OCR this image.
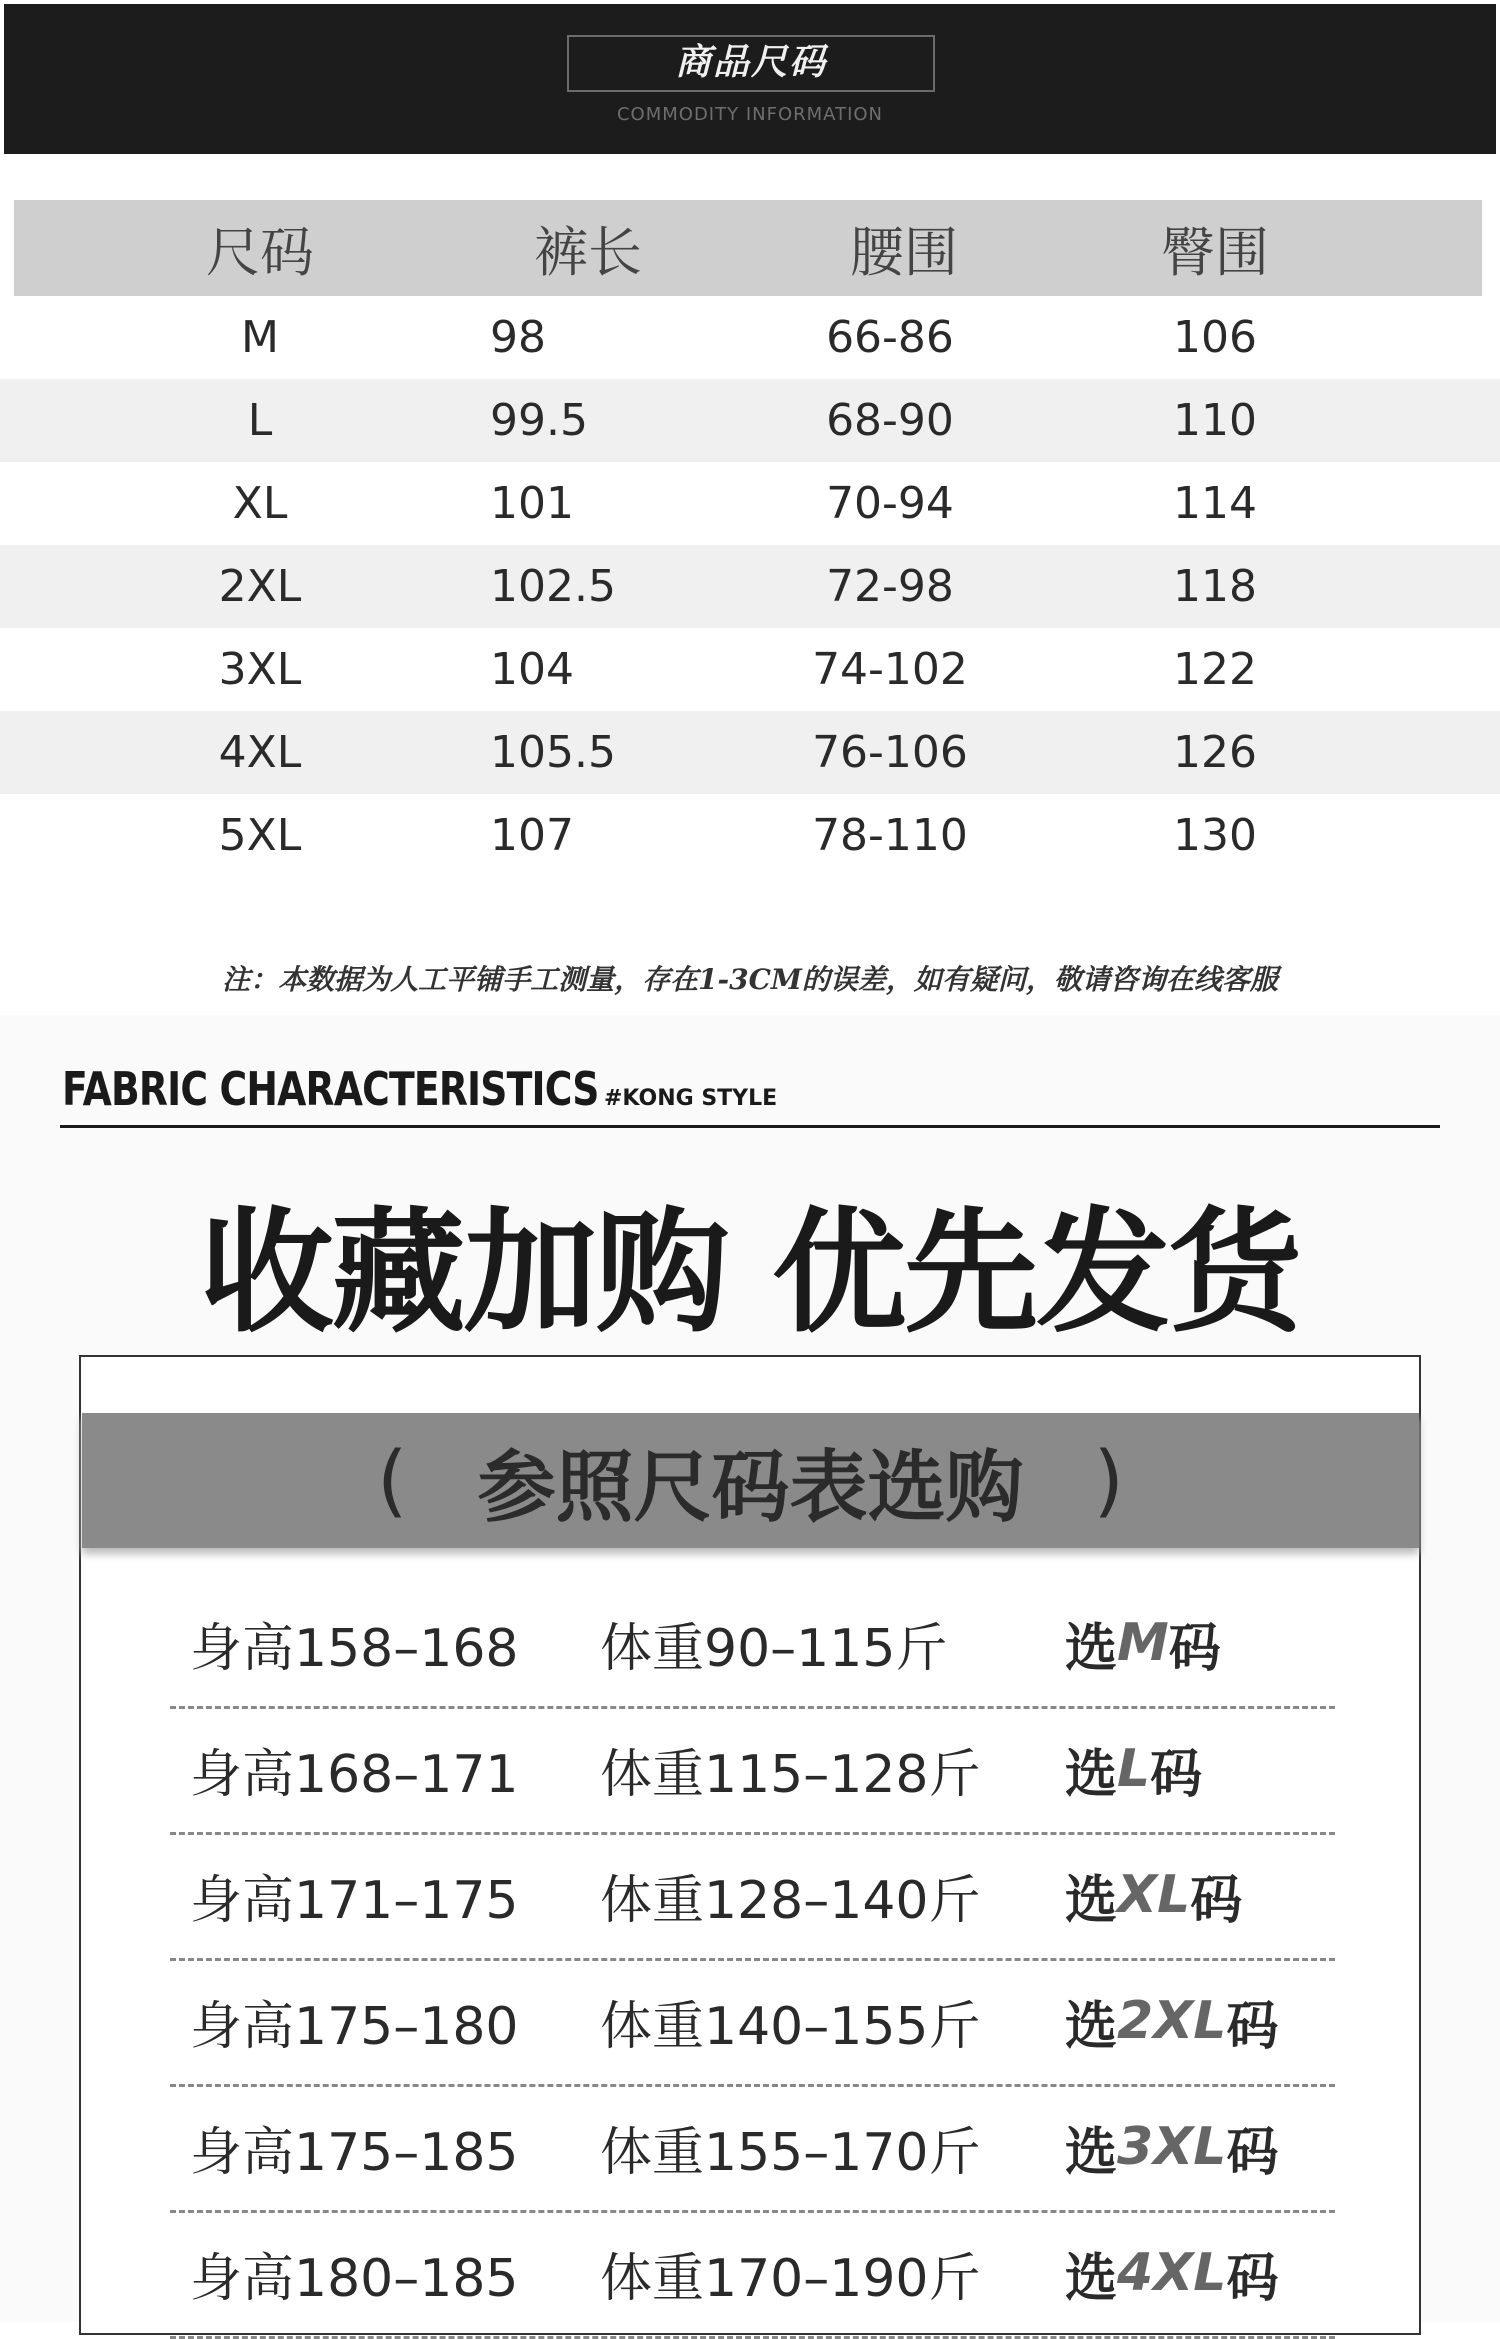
商品尺码
COMMODITY INFORMATION
尺码	裤长	腰围	臀围
M	98	66-86	106
L	99.5	68-90	110
XL	101	70-94	114
2XL	102.5	72-98	118
3XL	104	74-102	122
4XL	105.5	76-106	126
5XL	107	78-110	130
注：本数据为人工平铺手工测量，存在1-3CM的误差，如有疑问，敬请咨询在线客服
FABRIC CHARACTERISTICS #KONG STYLE
收藏加购 优先发货
( 参照尺码表选购 )
身高158–168 体重90–115斤 选 M 码
身高168–171 体重115–128斤 选 L 码
身高171–175 体重128–140斤 选 XL 码
身高175–180 体重140–155斤 选 2XL 码
身高175–185 体重155–170斤 选 3XL 码
身高180–185 体重170–190斤 选 4XL 码
